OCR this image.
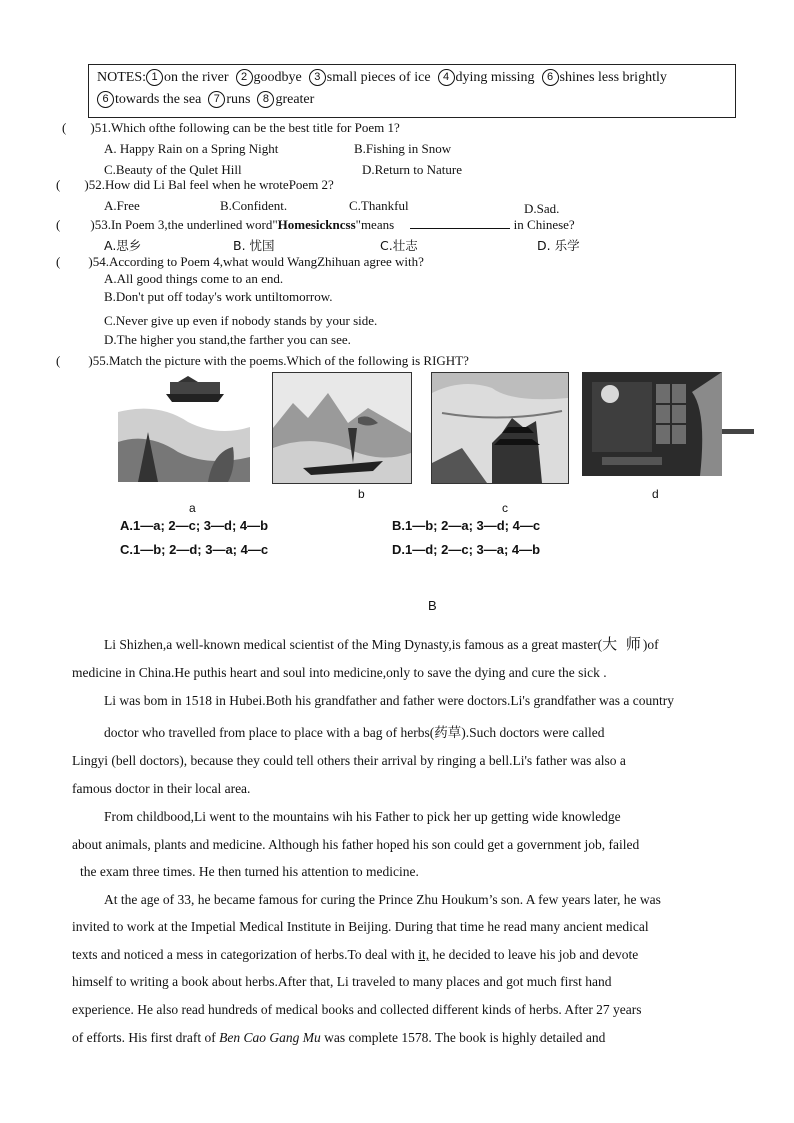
NOTES: 1 on the river 2 goodbye 3 small pieces of ice 4 dying missing 6 shines less brightly
6 towards the sea 7 runs 8 greater
( )51.Which ofthe following can be the best title for Poem 1?
A. Happy Rain on a Spring Night	B.Fishing in Snow
C.Beauty of the Qulet Hill	D.Return to Nature
( )52.How did Li Bal feel when he wrotePoem 2?
A.Free	B.Confident.	C.Thankful	D.Sad.
( )53.In Poem 3,the underlined word"Homesickncss"means	in Chinese?
A.思乡	B. 忧国	C.壮志	D. 乐学
( )54.According to Poem 4,what would WangZhihuan agree with?
A.All good things come to an end.
B.Don't put off today's work untiltomorrow.
C.Never give up even if nobody stands by your side.
D.The higher you stand,the farther you can see.
( )55.Match the picture with the poems.Which of the following is RIGHT?
a
b
c
d
A.1—a; 2—c; 3—d; 4—b	B.1—b; 2—a; 3—d; 4—c
C.1—b; 2—d; 3—a; 4—c	D.1—d; 2—c; 3—a; 4—b
B
Li Shizhen,a well-known medical scientist of the Ming Dynasty,is famous as a great master(大 师)of
medicine in China.He puthis heart and soul into medicine,only to save the dying and cure the sick .
Li was bom in 1518 in Hubei.Both his grandfather and father were doctors.Li's grandfather was a country
doctor who travelled from place to place with a bag of herbs(药草).Such doctors were called
Lingyi (bell doctors), because they could tell others their arrival by ringing a bell.Li's father was also a
famous doctor in their local area.
From childbood,Li went to the mountains wih his Father to pick her up getting wide knowledge
about animals, plants and medicine. Although his father hoped his son could get a government job, failed
the exam three times. He then turned his attention to medicine.
At the age of 33, he became famous for curing the Prince Zhu Houkum’s son. A few years later, he was
invited to work at the Impetial Medical Institute in Beijing. During that time he read many ancient medical
texts and noticed a mess in categorization of herbs.To deal with it, he decided to leave his job and devote
himself to writing a book about herbs.After that, Li traveled to many places and got much first hand
experience. He also read hundreds of medical books and collected different kinds of herbs. After 27 years
of efforts. His first draft of Ben Cao Gang Mu was complete 1578. The book is highly detailed and
